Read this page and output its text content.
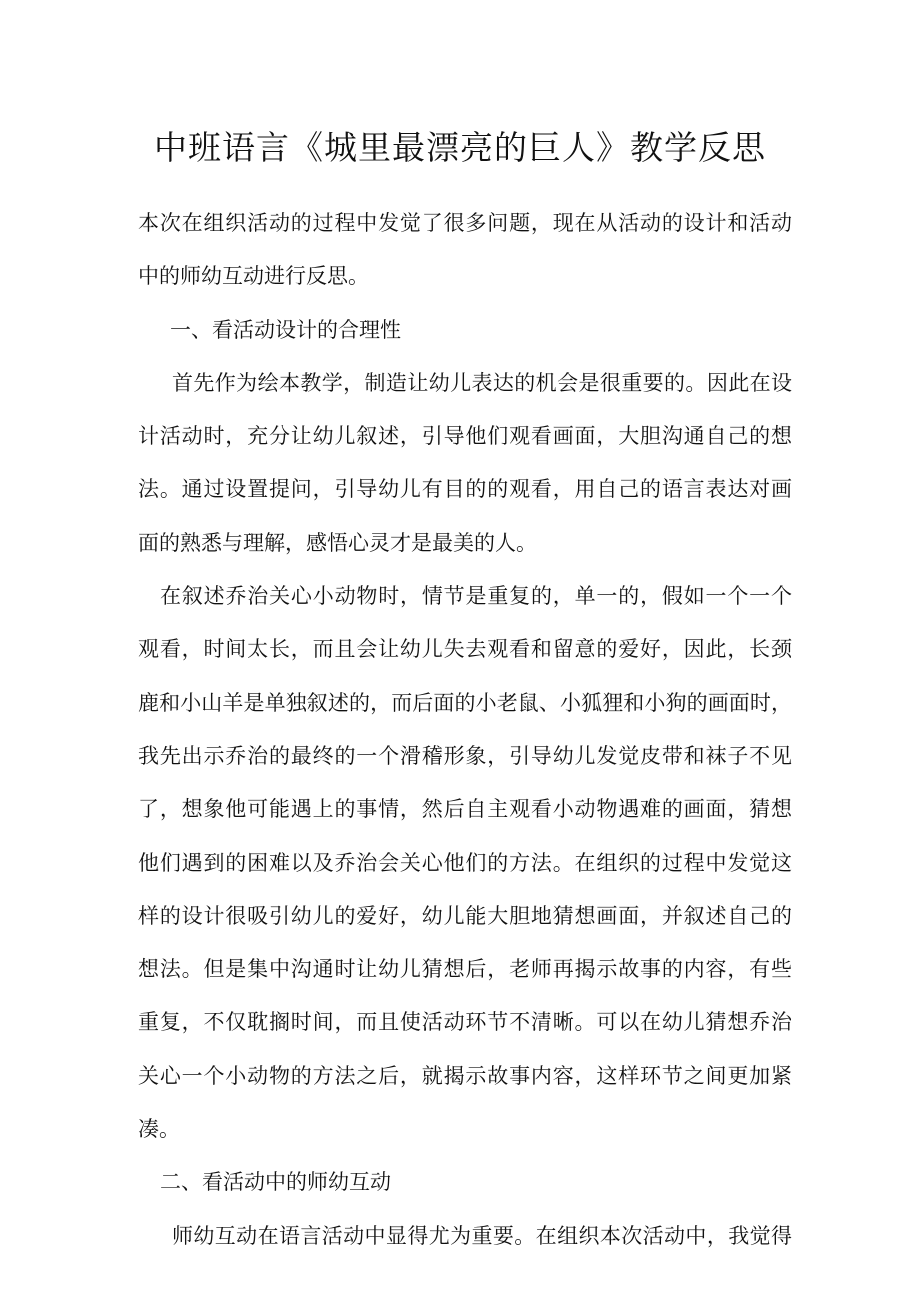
中班语言《城里最漂亮的巨人》教学反思
本次在组织活动的过程中发觉了很多问题，现在从活动的设计和活动
中的师幼互动进行反思。
一、看活动设计的合理性
首先作为绘本教学，制造让幼儿表达的机会是很重要的。因此在设
计活动时，充分让幼儿叙述，引导他们观看画面，大胆沟通自己的想
法。通过设置提问，引导幼儿有目的的观看，用自己的语言表达对画
面的熟悉与理解，感悟心灵才是最美的人。
在叙述乔治关心小动物时，情节是重复的，单一的，假如一个一个
观看，时间太长，而且会让幼儿失去观看和留意的爱好，因此，长颈
鹿和小山羊是单独叙述的，而后面的小老鼠、小狐狸和小狗的画面时，
我先出示乔治的最终的一个滑稽形象，引导幼儿发觉皮带和袜子不见
了，想象他可能遇上的事情，然后自主观看小动物遇难的画面，猜想
他们遇到的困难以及乔治会关心他们的方法。在组织的过程中发觉这
样的设计很吸引幼儿的爱好，幼儿能大胆地猜想画面，并叙述自己的
想法。但是集中沟通时让幼儿猜想后，老师再揭示故事的内容，有些
重复，不仅耽搁时间，而且使活动环节不清晰。可以在幼儿猜想乔治
关心一个小动物的方法之后，就揭示故事内容，这样环节之间更加紧
凑。
二、看活动中的师幼互动
师幼互动在语言活动中显得尤为重要。在组织本次活动中，我觉得
